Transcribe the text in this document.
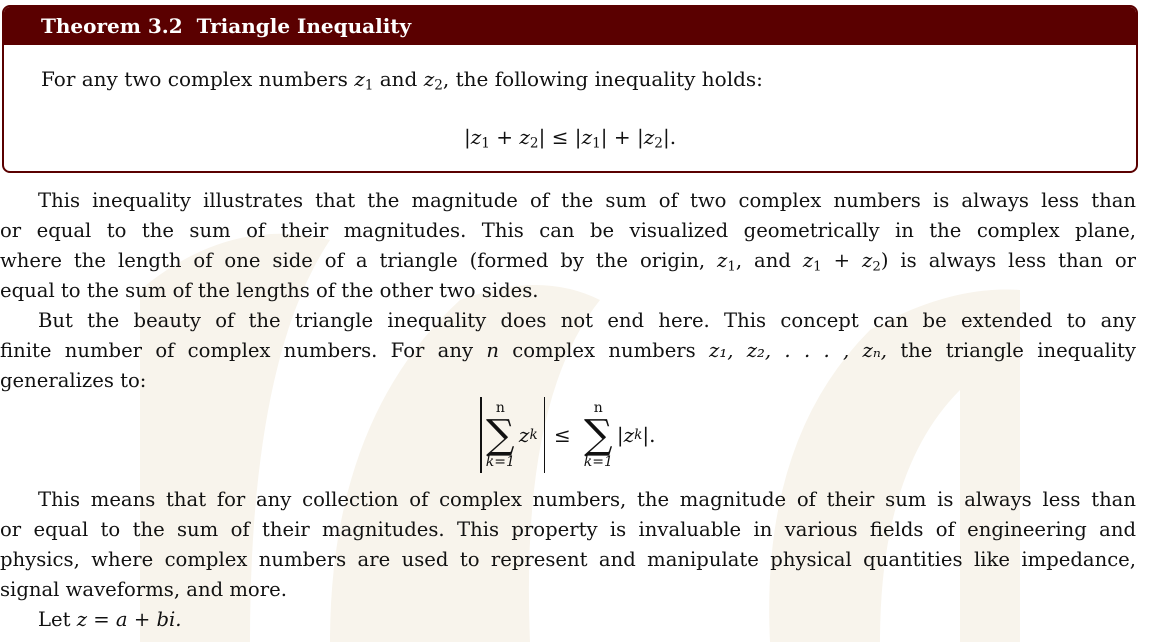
Theorem 3.2 Triangle Inequality
For any two complex numbers $z_1$ and $z_2$, the following inequality holds:
$|z_1 + z_2| \le |z_1| + |z_2|$.
This inequality illustrates that the magnitude of the sum of two complex numbers is always less than
or equal to the sum of their magnitudes. This can be visualized geometrically in the complex plane,
where the length of one side of a triangle (formed by the origin, $z_1$, and $z_1 + z_2$) is always less than or
equal to the sum of the lengths of the other two sides.
But the beauty of the triangle inequality does not end here. This concept can be extended to any
finite number of complex numbers. For any n complex numbers z₁, z₂, . . . , zₙ, the triangle inequality
generalizes to:
n
∑
k=1
z k ≤
n
∑
k=1
| z k | .
This means that for any collection of complex numbers, the magnitude of their sum is always less than
or equal to the sum of their magnitudes. This property is invaluable in various fields of engineering and
physics, where complex numbers are used to represent and manipulate physical quantities like impedance,
signal waveforms, and more.
Let z = a + bi.
